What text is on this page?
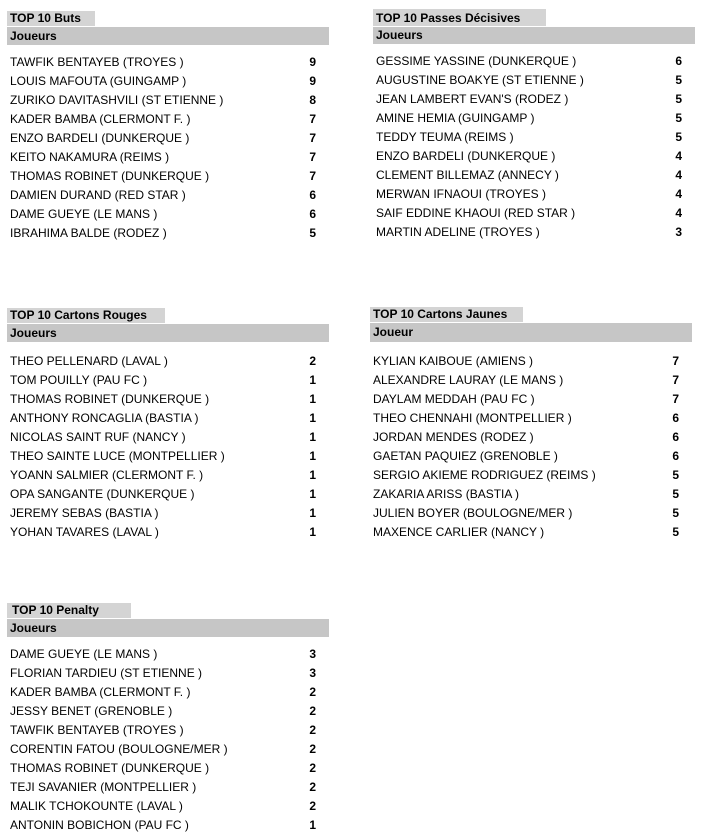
TOP 10 Buts
Joueurs
TAWFIK BENTAYEB (TROYES )	9
LOUIS MAFOUTA (GUINGAMP )	9
ZURIKO DAVITASHVILI (ST ETIENNE )	8
KADER BAMBA (CLERMONT F. )	7
ENZO BARDELI (DUNKERQUE )	7
KEITO NAKAMURA (REIMS )	7
THOMAS ROBINET (DUNKERQUE )	7
DAMIEN DURAND (RED STAR )	6
DAME GUEYE (LE MANS )	6
IBRAHIMA BALDE (RODEZ )	5
TOP 10 Passes Décisives
Joueurs
GESSIME YASSINE (DUNKERQUE )	6
AUGUSTINE BOAKYE (ST ETIENNE )	5
JEAN LAMBERT EVAN'S (RODEZ )	5
AMINE HEMIA (GUINGAMP )	5
TEDDY TEUMA (REIMS )	5
ENZO BARDELI (DUNKERQUE )	4
CLEMENT BILLEMAZ (ANNECY )	4
MERWAN IFNAOUI (TROYES )	4
SAIF EDDINE KHAOUI (RED STAR )	4
MARTIN ADELINE (TROYES )	3
TOP 10 Cartons Rouges
Joueurs
THEO PELLENARD (LAVAL )	2
TOM POUILLY (PAU FC )	1
THOMAS ROBINET (DUNKERQUE )	1
ANTHONY RONCAGLIA (BASTIA )	1
NICOLAS SAINT RUF (NANCY )	1
THEO SAINTE LUCE (MONTPELLIER )	1
YOANN SALMIER (CLERMONT F. )	1
OPA SANGANTE (DUNKERQUE )	1
JEREMY SEBAS (BASTIA )	1
YOHAN TAVARES (LAVAL )	1
TOP 10 Cartons Jaunes
Joueur
KYLIAN KAIBOUE (AMIENS )	7
ALEXANDRE LAURAY (LE MANS )	7
DAYLAM MEDDAH (PAU FC )	7
THEO CHENNAHI (MONTPELLIER )	6
JORDAN MENDES (RODEZ )	6
GAETAN PAQUIEZ (GRENOBLE )	6
SERGIO AKIEME RODRIGUEZ (REIMS )	5
ZAKARIA ARISS (BASTIA )	5
JULIEN BOYER (BOULOGNE/MER )	5
MAXENCE CARLIER (NANCY )	5
TOP 10 Penalty
Joueurs
DAME GUEYE (LE MANS )	3
FLORIAN TARDIEU (ST ETIENNE )	3
KADER BAMBA (CLERMONT F. )	2
JESSY BENET (GRENOBLE )	2
TAWFIK BENTAYEB (TROYES )	2
CORENTIN FATOU (BOULOGNE/MER )	2
THOMAS ROBINET (DUNKERQUE )	2
TEJI SAVANIER (MONTPELLIER )	2
MALIK TCHOKOUNTE (LAVAL )	2
ANTONIN BOBICHON (PAU FC )	1
